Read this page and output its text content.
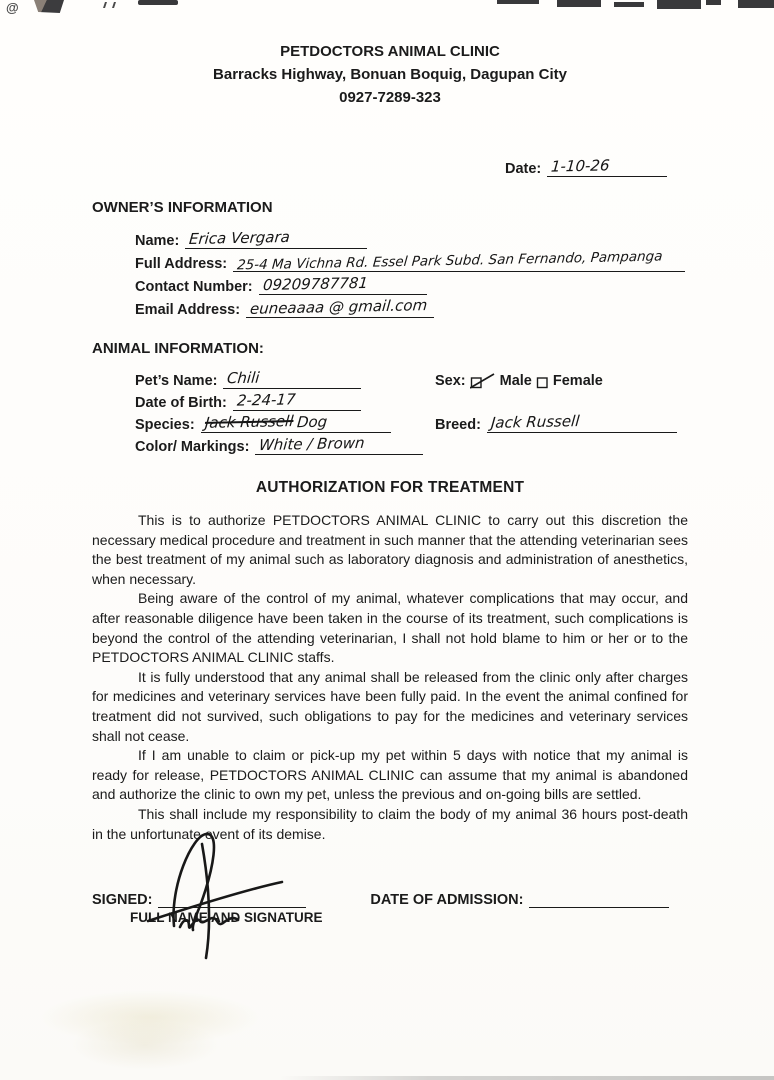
@
PETDOCTORS ANIMAL CLINIC
Barracks Highway, Bonuan Boquig, Dagupan City
0927-7289-323
Date: 1-10-26
OWNER’S INFORMATION
Name: Erica Vergara
Full Address: 25-4 Ma Vichna Rd. Essel Park Subd. San Fernando, Pampanga
Contact Number: 09209787781
Email Address: euneaaaa @ gmail.com
ANIMAL INFORMATION:
Pet’s Name: Chili	Sex: Male Female
Date of Birth: 2-24-17
Species: Jack Russell Dog	Breed: Jack Russell
Color/ Markings: White / Brown
AUTHORIZATION FOR TREATMENT

This is to authorize PETDOCTORS ANIMAL CLINIC to carry out this discretion the necessary medical procedure and treatment in such manner that the attending veterinarian sees the best treatment of my animal such as laboratory diagnosis and administration of anesthetics, when necessary.

Being aware of the control of my animal, whatever complications that may occur, and after reasonable diligence have been taken in the course of its treatment, such complications is beyond the control of the attending veterinarian, I shall not hold blame to him or her or to the PETDOCTORS ANIMAL CLINIC staffs.

It is fully understood that any animal shall be released from the clinic only after charges for medicines and veterinary services have been fully paid. In the event the animal confined for treatment did not survived, such obligations to pay for the medicines and veterinary services shall not cease.

If I am unable to claim or pick-up my pet within 5 days with notice that my animal is ready for release, PETDOCTORS ANIMAL CLINIC can assume that my animal is abandoned and authorize the clinic to own my pet, unless the previous and on-going bills are settled.

This shall include my responsibility to claim the body of my animal 36 hours post-death in the unfortunate event of its demise.

SIGNED:	DATE OF ADMISSION:
FULL NAME AND SIGNATURE
